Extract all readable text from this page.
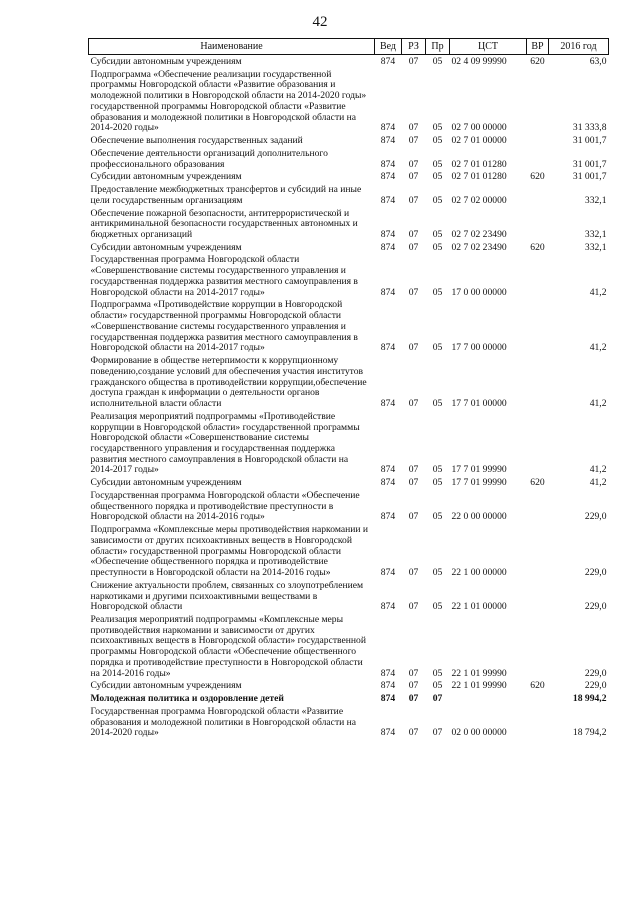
42
Наименование	Вед	РЗ	Пр	ЦСТ	ВР	2016 год
Субсидии автономным учреждениям	874	07	05	02 4 09 99990	620	63,0
Подпрограмма «Обеспечение реализации государственной программы Новгородской области «Развитие образования и молодежной политики в Новгородской области на 2014-2020 годы» государственной программы Новгородской области «Развитие образования и молодежной политики в Новгородской области на 2014-2020 годы»	874	07	05	02 7 00 00000		31 333,8
Обеспечение выполнения государственных заданий	874	07	05	02 7 01 00000		31 001,7
Обеспечение деятельности организаций дополнительного профессионального образования	874	07	05	02 7 01 01280		31 001,7
Субсидии автономным учреждениям	874	07	05	02 7 01 01280	620	31 001,7
Предоставление межбюджетных трансфертов и субсидий на иные цели государственным организациям	874	07	05	02 7 02 00000		332,1
Обеспечение пожарной безопасности, антитеррористической и антикриминальной безопасности государственных автономных и бюджетных организаций	874	07	05	02 7 02 23490		332,1
Субсидии автономным учреждениям	874	07	05	02 7 02 23490	620	332,1
Государственная программа Новгородской области «Совершенствование системы государственного управления и государственная поддержка развития местного самоуправления в Новгородской области на 2014-2017 годы»	874	07	05	17 0 00 00000		41,2
Подпрограмма «Противодействие коррупции в Новгородской области» государственной программы Новгородской области «Совершенствование системы государственного управления и государственная поддержка развития местного самоуправления в Новгородской области на 2014-2017 годы»	874	07	05	17 7 00 00000		41,2
Формирование в обществе нетерпимости к коррупционному поведению,создание условий для обеспечения участия институтов гражданского общества в противодействии коррупции,обеспечение доступа граждан к информации о деятельности органов исполнительной власти области	874	07	05	17 7 01 00000		41,2
Реализация мероприятий подпрограммы «Противодействие коррупции в Новгородской области» государственной программы Новгородской области «Совершенствование системы государственного управления и государственная поддержка развития местного самоуправления в Новгородской области на 2014-2017 годы»	874	07	05	17 7 01 99990		41,2
Субсидии автономным учреждениям	874	07	05	17 7 01 99990	620	41,2
Государственная программа Новгородской области «Обеспечение общественного порядка и противодействие преступности в Новгородской области на 2014-2016 годы»	874	07	05	22 0 00 00000		229,0
Подпрограмма «Комплексные меры противодействия наркомании и зависимости от других психоактивных веществ в Новгородской области» государственной программы Новгородской области «Обеспечение общественного порядка и противодействие преступности в Новгородской области на 2014-2016 годы»	874	07	05	22 1 00 00000		229,0
Снижение актуальности проблем, связанных со злоупотреблением наркотиками и другими психоактивными веществами в Новгородской области	874	07	05	22 1 01 00000		229,0
Реализация мероприятий подпрограммы «Комплексные меры противодействия наркомании и зависимости от других психоактивных веществ в Новгородской области» государственной программы Новгородской области «Обеспечение общественного порядка и противодействие преступности в Новгородской области на 2014-2016 годы»	874	07	05	22 1 01 99990		229,0
Субсидии автономным учреждениям	874	07	05	22 1 01 99990	620	229,0
Молодежная политика и оздоровление детей	874	07	07			18 994,2
Государственная программа Новгородской области «Развитие образования и молодежной политики в Новгородской области на 2014-2020 годы»	874	07	07	02 0 00 00000		18 794,2
